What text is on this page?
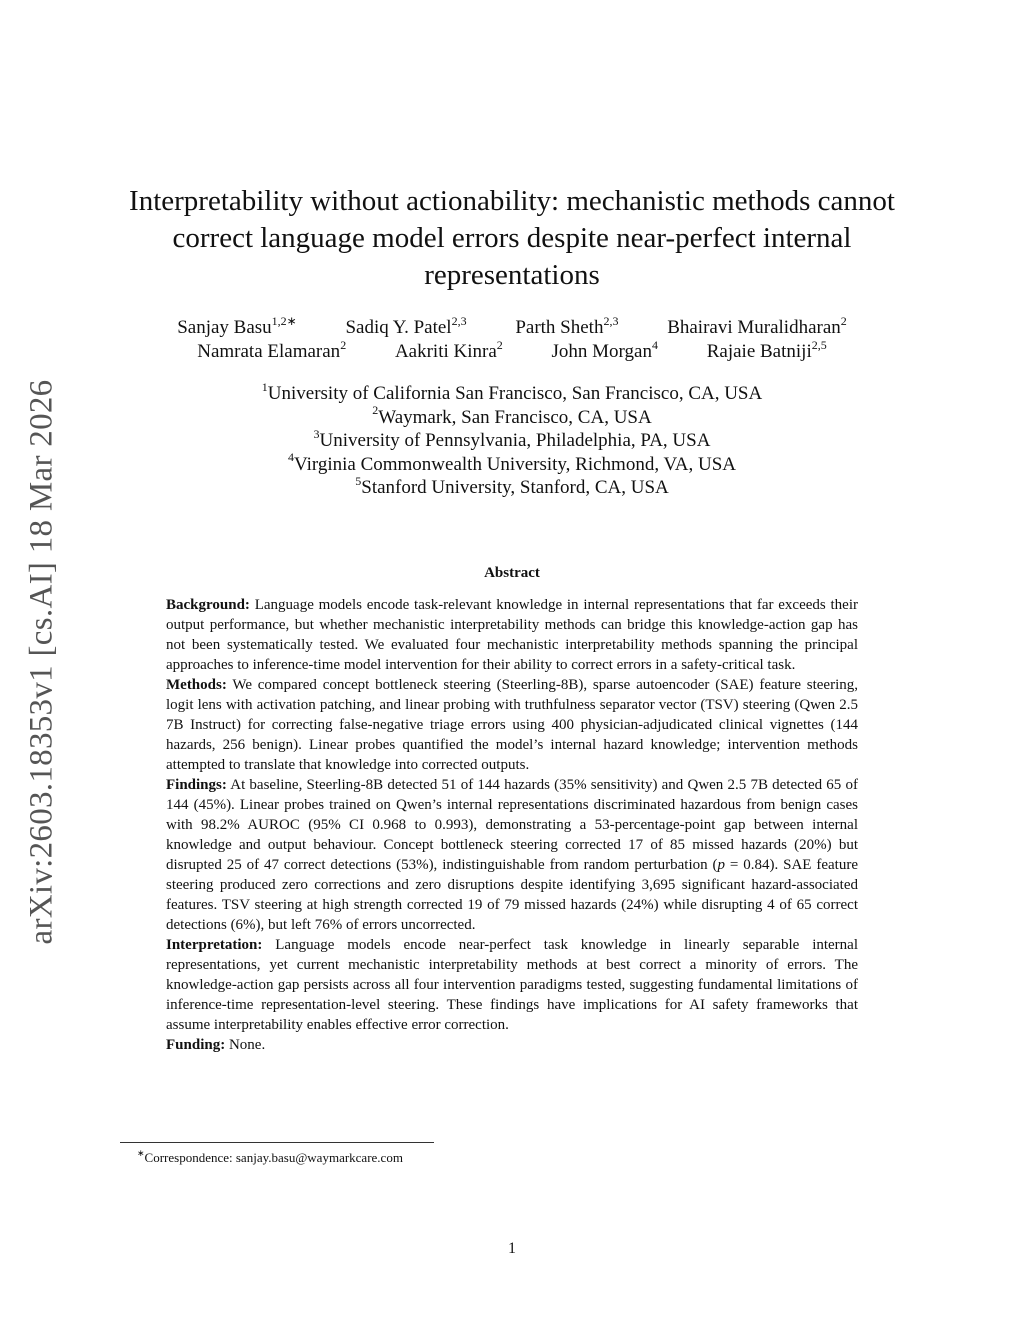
arXiv:2603.18353v1 [cs.AI] 18 Mar 2026
Interpretability without actionability: mechanistic methods cannot correct language model errors despite near-perfect internal representations
Sanjay Basu$^{1,2∗}$	Sadiq Y. Patel$^{2,3}$	Parth Sheth$^{2,3}$	Bhairavi Muralidharan$^2$
Namrata Elamaran$^2$	Aakriti Kinra$^2$	John Morgan$^4$	Rajaie Batniji$^{2,5}$
$^1$University of California San Francisco, San Francisco, CA, USA
$^2$Waymark, San Francisco, CA, USA
$^3$University of Pennsylvania, Philadelphia, PA, USA
$^4$Virginia Commonwealth University, Richmond, VA, USA
$^5$Stanford University, Stanford, CA, USA
Abstract

Background: Language models encode task-relevant knowledge in internal representations that far exceeds their output performance, but whether mechanistic interpretability methods can bridge this knowledge-action gap has not been systematically tested. We evaluated four mechanistic interpretability methods spanning the principal approaches to inference-time model intervention for their ability to correct errors in a safety-critical task.

Methods: We compared concept bottleneck steering (Steerling-8B), sparse autoencoder (SAE) feature steering, logit lens with activation patching, and linear probing with truthfulness separator vector (TSV) steering (Qwen 2.5 7B Instruct) for correcting false-negative triage errors using 400 physician-adjudicated clinical vignettes (144 hazards, 256 benign). Linear probes quantified the model’s internal hazard knowledge; intervention methods attempted to translate that knowledge into corrected outputs.

Findings: At baseline, Steerling-8B detected 51 of 144 hazards (35% sensitivity) and Qwen 2.5 7B detected 65 of 144 (45%). Linear probes trained on Qwen’s internal representations discriminated hazardous from benign cases with 98.2% AUROC (95% CI 0.968 to 0.993), demonstrating a 53-percentage-point gap between internal knowledge and output behaviour. Concept bottleneck steering corrected 17 of 85 missed hazards (20%) but disrupted 25 of 47 correct detections (53%), indistinguishable from random perturbation (p = 0.84). SAE feature steering produced zero corrections and zero disruptions despite identifying 3,695 significant hazard-associated features. TSV steering at high strength corrected 19 of 79 missed hazards (24%) while disrupting 4 of 65 correct detections (6%), but left 76% of errors uncorrected.

Interpretation: Language models encode near-perfect task knowledge in linearly separable internal representations, yet current mechanistic interpretability methods at best correct a minority of errors. The knowledge-action gap persists across all four intervention paradigms tested, suggesting fundamental limitations of inference-time representation-level steering. These findings have implications for AI safety frameworks that assume interpretability enables effective error correction.

Funding: None.

∗Correspondence: sanjay.basu@waymarkcare.com
1
